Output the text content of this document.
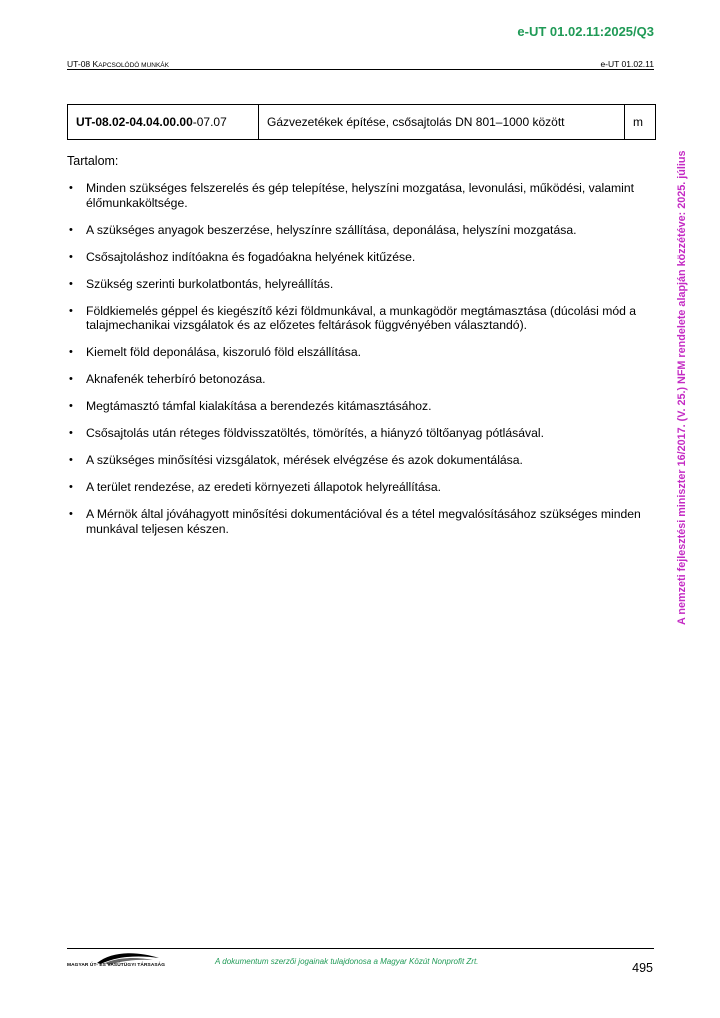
e-UT 01.02.11:2025/Q3
UT-08 KAPCSOLÓDÓ MUNKÁK	e-UT 01.02.11
UT-08.02-04.04.00.00-07.07	Gázvezetékek építése, csősajtolás DN 801–1000 között	m
Tartalom:
• Minden szükséges felszerelés és gép telepítése, helyszíni mozgatása, levonulási, működési, valamint élőmunkaköltsége.
• A szükséges anyagok beszerzése, helyszínre szállítása, deponálása, helyszíni mozgatása.
• Csősajtoláshoz indítóakna és fogadóakna helyének kitűzése.
• Szükség szerinti burkolatbontás, helyreállítás.
• Földkiemelés géppel és kiegészítő kézi földmunkával, a munkagödör megtámasztása (dúcolási mód a talajmechanikai vizsgálatok és az előzetes feltárások függvényében választandó).
• Kiemelt föld deponálása, kiszoruló föld elszállítása.
• Aknafenék teherbíró betonozása.
• Megtámasztó támfal kialakítása a berendezés kitámasztásához.
• Csősajtolás után réteges földvisszatöltés, tömörítés, a hiányzó töltőanyag pótlásával.
• A szükséges minősítési vizsgálatok, mérések elvégzése és azok dokumentálása.
• A terület rendezése, az eredeti környezeti állapotok helyreállítása.
• A Mérnök által jóváhagyott minősítési dokumentációval és a tétel megvalósításához szükséges minden munkával teljesen készen.	A nemzeti fejlesztési miniszter 16/2017. (V. 25.) NFM rendelete alapján közzétéve: 2025. július
MAGYAR ÚT- ÉS VASÚTÜGYI TÁRSASÁG	A dokumentum szerzői jogainak tulajdonosa a Magyar Közút Nonprofit Zrt.	495
